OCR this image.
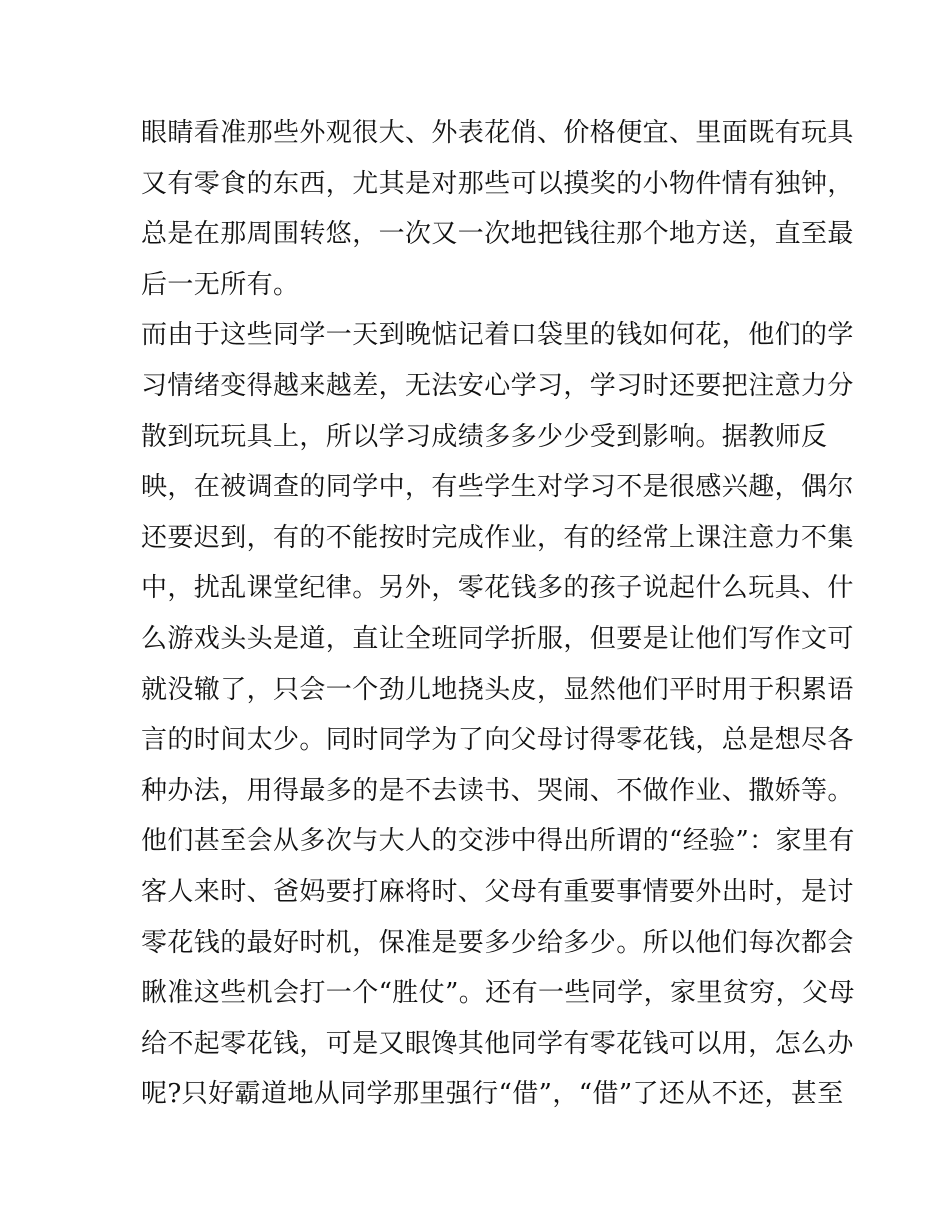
眼睛看准那些外观很大、外表花俏、价格便宜、里面既有玩具
又有零食的东西，尤其是对那些可以摸奖的小物件情有独钟，
总是在那周围转悠，一次又一次地把钱往那个地方送，直至最
后一无所有。
而由于这些同学一天到晚惦记着口袋里的钱如何花，他们的学
习情绪变得越来越差，无法安心学习，学习时还要把注意力分
散到玩玩具上，所以学习成绩多多少少受到影响。据教师反
映，在被调查的同学中，有些学生对学习不是很感兴趣，偶尔
还要迟到，有的不能按时完成作业，有的经常上课注意力不集
中，扰乱课堂纪律。另外，零花钱多的孩子说起什么玩具、什
么游戏头头是道，直让全班同学折服，但要是让他们写作文可
就没辙了，只会一个劲儿地挠头皮，显然他们平时用于积累语
言的时间太少。同时同学为了向父母讨得零花钱，总是想尽各
种办法，用得最多的是不去读书、哭闹、不做作业、撒娇等。
他们甚至会从多次与大人的交涉中得出所谓的“经验”：家里有
客人来时、爸妈要打麻将时、父母有重要事情要外出时，是讨
零花钱的最好时机，保准是要多少给多少。所以他们每次都会
瞅准这些机会打一个“胜仗”。还有一些同学，家里贫穷，父母
给不起零花钱，可是又眼馋其他同学有零花钱可以用，怎么办
呢?只好霸道地从同学那里强行“借”，“借”了还从不还，甚至
